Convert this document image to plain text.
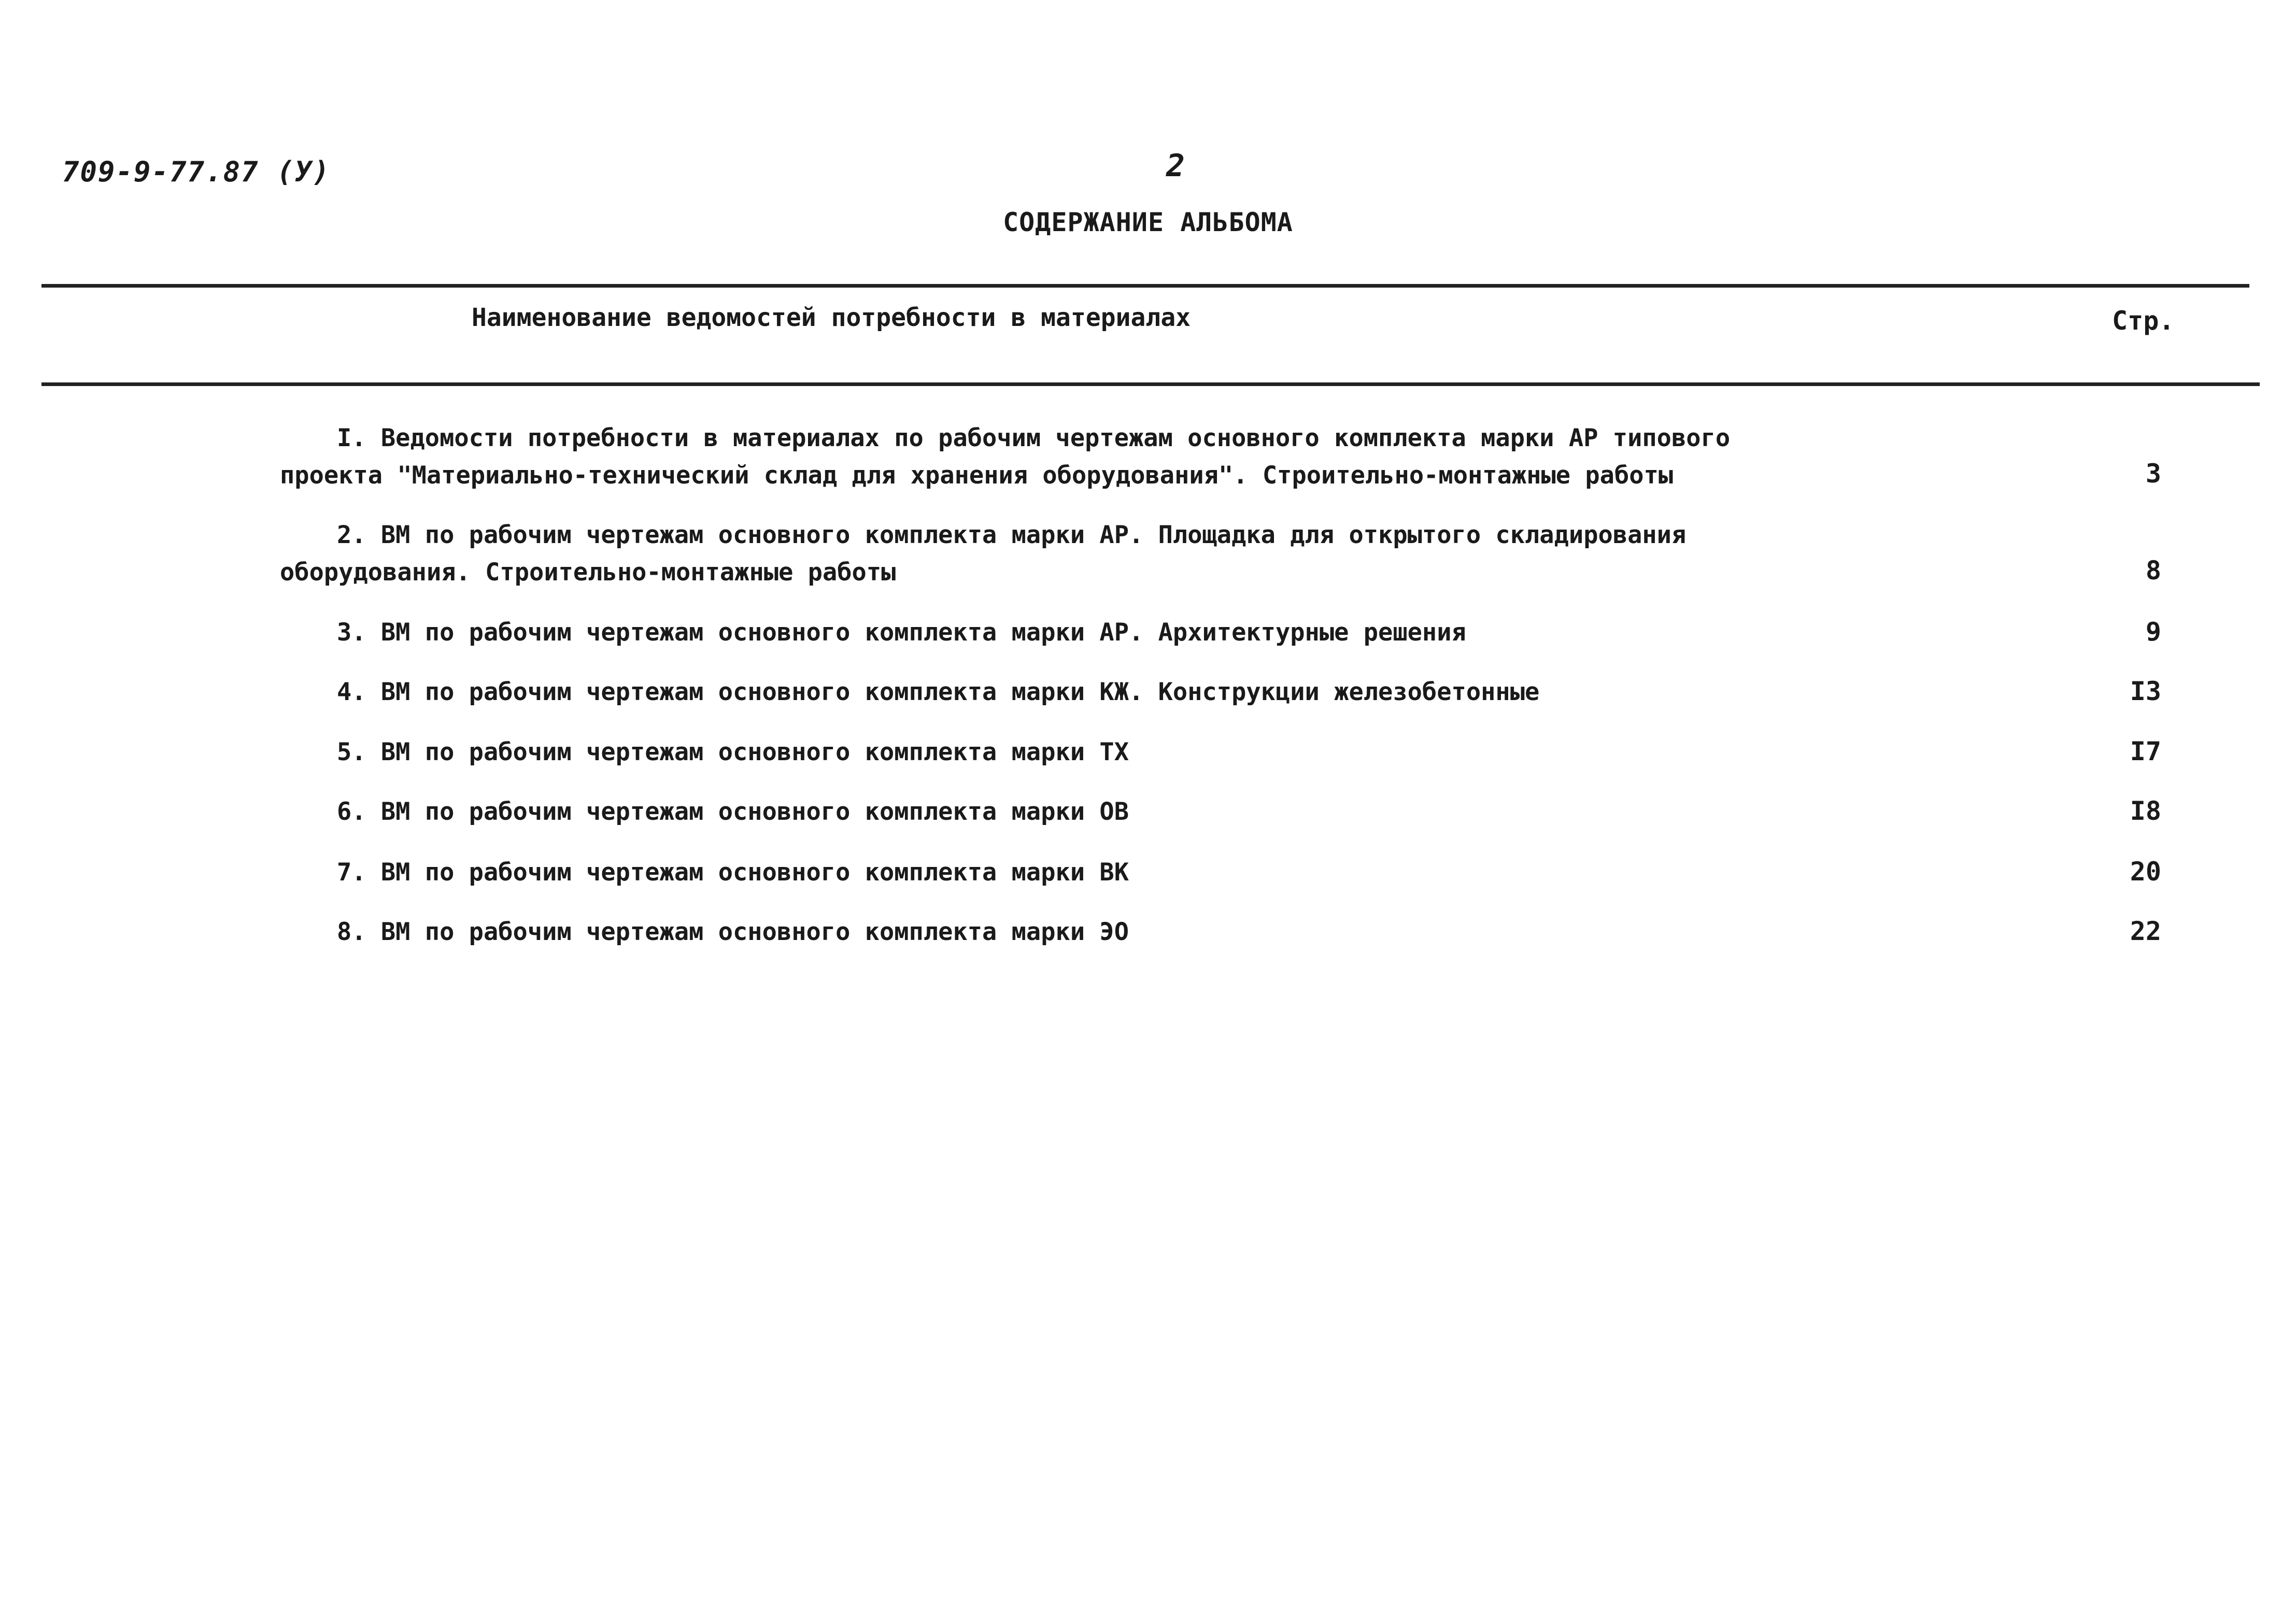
709-9-77.87 (У)	2
СОДЕРЖАНИЕ АЛЬБОМА
Наименование ведомостей потребности в материалах	Стр.
I. Ведомости потребности в материалах по рабочим чертежам основного комплекта марки АР типового
проекта "Материально-технический склад для хранения оборудования". Строительно-монтажные работы	3
2. ВМ по рабочим чертежам основного комплекта марки АР. Площадка для открытого складирования
оборудования. Строительно-монтажные работы	8
3. ВМ по рабочим чертежам основного комплекта марки АР. Архитектурные решения	9
4. ВМ по рабочим чертежам основного комплекта марки КЖ. Конструкции железобетонные	I3
5. ВМ по рабочим чертежам основного комплекта марки ТХ	I7
6. ВМ по рабочим чертежам основного комплекта марки ОВ	I8
7. ВМ по рабочим чертежам основного комплекта марки ВК	20
8. ВМ по рабочим чертежам основного комплекта марки ЭО	22
